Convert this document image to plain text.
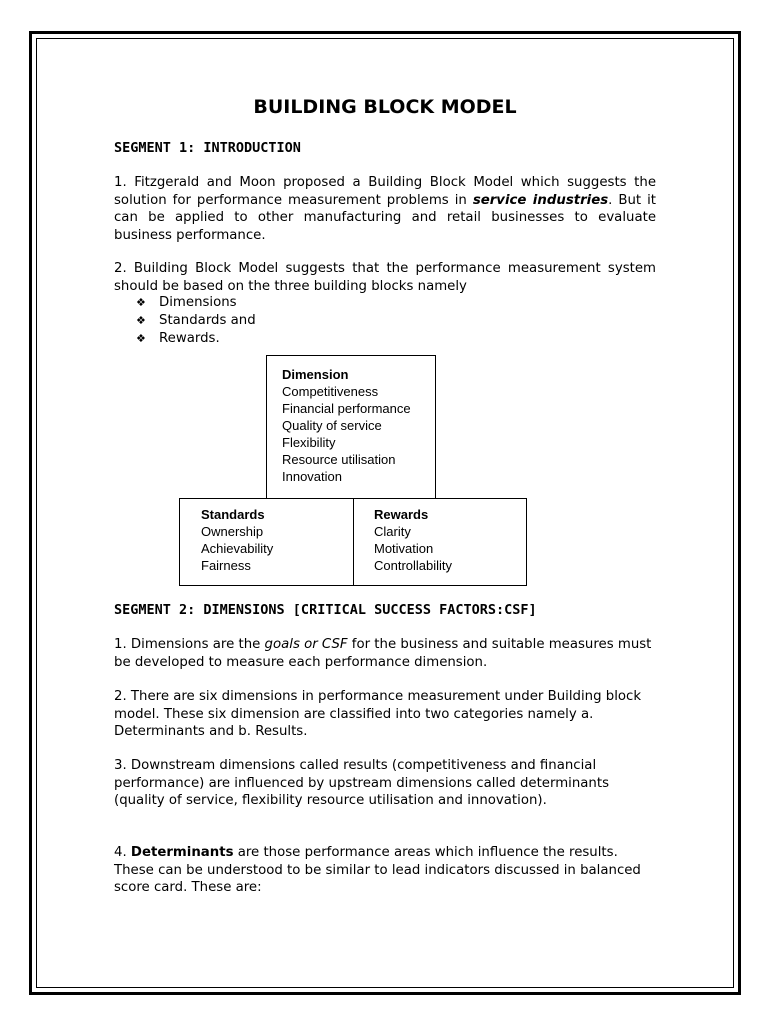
BUILDING BLOCK MODEL

SEGMENT 1: INTRODUCTION

1. Fitzgerald and Moon proposed a Building Block Model which suggests the solution for performance measurement problems in service industries. But it can be applied to other manufacturing and retail businesses to evaluate business performance.

2. Building Block Model suggests that the performance measurement system should be based on the three building blocks namely

❖ Dimensions
❖ Standards and
❖ Rewards.

SEGMENT 2: DIMENSIONS [CRITICAL SUCCESS FACTORS:CSF]

1. Dimensions are the goals or CSF for the business and suitable measures must be developed to measure each performance dimension.

2. There are six dimensions in performance measurement under Building block model. These six dimension are classified into two categories namely a. Determinants and b. Results.

3. Downstream dimensions called results (competitiveness and financial performance) are influenced by upstream dimensions called determinants (quality of service, flexibility resource utilisation and innovation).

4. Determinants are those performance areas which influence the results. These can be understood to be similar to lead indicators discussed in balanced score card. These are:

Dimension
Competitiveness
Financial performance
Quality of service
Flexibility
Resource utilisation
Innovation
Standards
Ownership
Achievability
Fairness
Rewards
Clarity
Motivation
Controllability
